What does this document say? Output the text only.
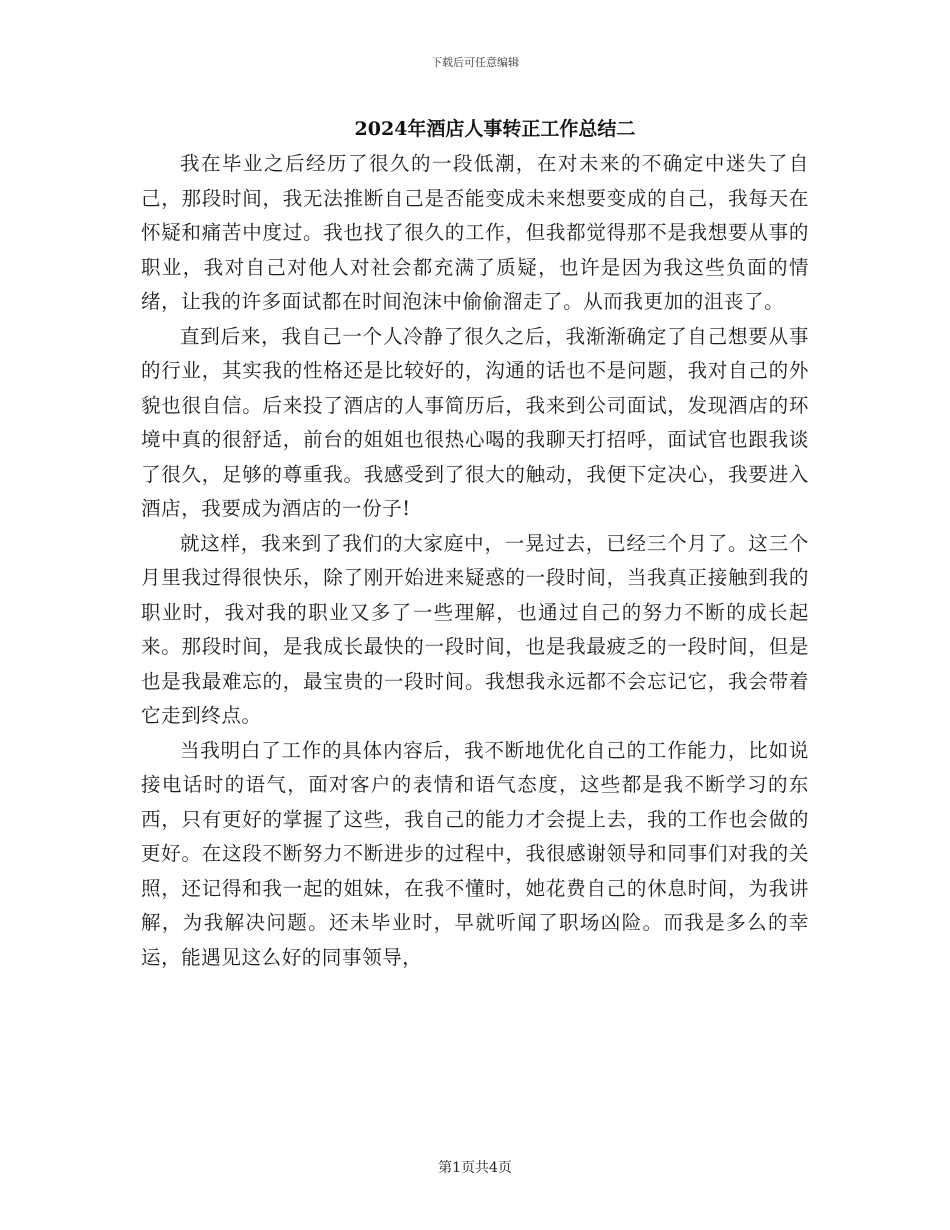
下载后可任意编辑
2024年酒店人事转正工作总结二

我在毕业之后经历了很久的一段低潮，在对未来的不确定中迷失了自己，那段时间，我无法推断自己是否能变成未来想要变成的自己，我每天在怀疑和痛苦中度过。我也找了很久的工作，但我都觉得那不是我想要从事的职业，我对自己对他人对社会都充满了质疑，也许是因为我这些负面的情绪，让我的许多面试都在时间泡沫中偷偷溜走了。从而我更加的沮丧了。

直到后来，我自己一个人冷静了很久之后，我渐渐确定了自己想要从事的行业，其实我的性格还是比较好的，沟通的话也不是问题，我对自己的外貌也很自信。后来投了酒店的人事简历后，我来到公司面试，发现酒店的环境中真的很舒适，前台的姐姐也很热心喝的我聊天打招呼，面试官也跟我谈了很久，足够的尊重我。我感受到了很大的触动，我便下定决心，我要进入酒店，我要成为酒店的一份子!

就这样，我来到了我们的大家庭中，一晃过去，已经三个月了。这三个月里我过得很快乐，除了刚开始进来疑惑的一段时间，当我真正接触到我的职业时，我对我的职业又多了一些理解，也通过自己的努力不断的成长起来。那段时间，是我成长最快的一段时间，也是我最疲乏的一段时间，但是也是我最难忘的，最宝贵的一段时间。我想我永远都不会忘记它，我会带着它走到终点。

当我明白了工作的具体内容后，我不断地优化自己的工作能力，比如说接电话时的语气，面对客户的表情和语气态度，这些都是我不断学习的东西，只有更好的掌握了这些，我自己的能力才会提上去，我的工作也会做的更好。在这段不断努力不断进步的过程中，我很感谢领导和同事们对我的关照，还记得和我一起的姐妹，在我不懂时，她花费自己的休息时间，为我讲解，为我解决问题。还未毕业时，早就听闻了职场凶险。而我是多么的幸运，能遇见这么好的同事领导，

第1页共4页
